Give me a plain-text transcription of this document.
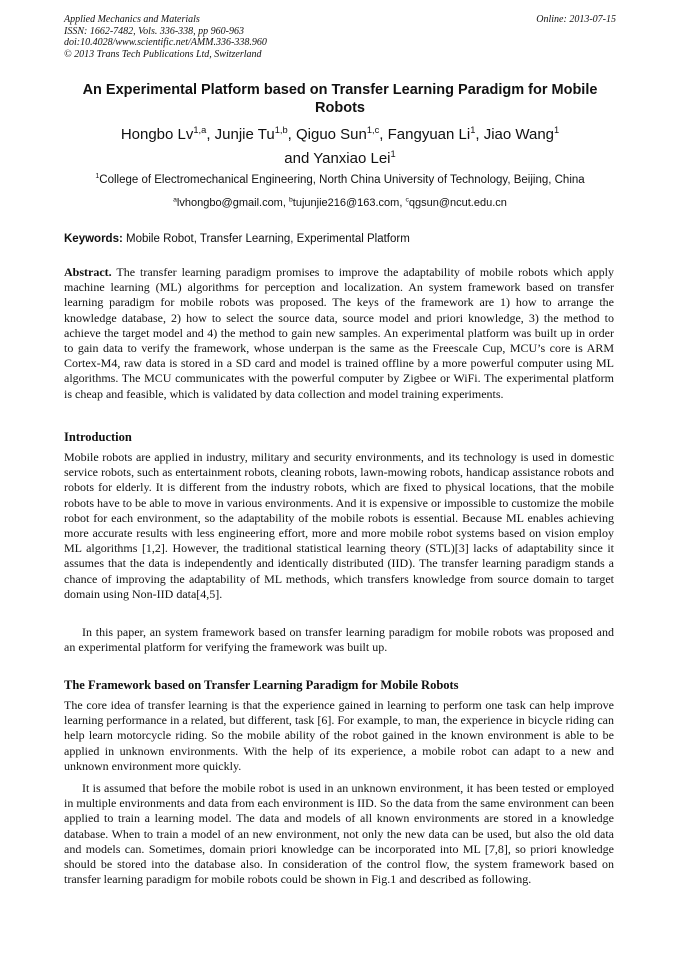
Applied Mechanics and Materials
ISSN: 1662-7482, Vols. 336-338, pp 960-963
doi:10.4028/www.scientific.net/AMM.336-338.960
© 2013 Trans Tech Publications Ltd, Switzerland
Online: 2013-07-15
An Experimental Platform based on Transfer Learning Paradigm for Mobile Robots
Hongbo Lv$^{1,a}$, Junjie Tu$^{1,b}$, Qiguo Sun$^{1,c}$, Fangyuan Li$^1$, Jiao Wang$^1$
and Yanxiao Lei$^1$
$^1$College of Electromechanical Engineering, North China University of Technology, Beijing, China
$^a$lvhongbo@gmail.com, $^b$tujunjie216@163.com, $^c$qgsun@ncut.edu.cn
Keywords: Mobile Robot, Transfer Learning, Experimental Platform
Abstract. The transfer learning paradigm promises to improve the adaptability of mobile robots which apply machine learning (ML) algorithms for perception and localization. An system framework based on transfer learning paradigm for mobile robots was proposed. The keys of the framework are 1) how to arrange the knowledge database, 2) how to select the source data, source model and priori knowledge, 3) the method to achieve the target model and 4) the method to gain new samples. An experimental platform was built up in order to gain data to verify the framework, whose underpan is the same as the Freescale Cup, MCU’s core is ARM Cortex-M4, raw data is stored in a SD card and model is trained offline by a more powerful computer using ML algorithms. The MCU communicates with the powerful computer by Zigbee or WiFi. The experimental platform is cheap and feasible, which is validated by data collection and model training experiments.
Introduction
Mobile robots are applied in industry, military and security environments, and its technology is used in domestic service robots, such as entertainment robots, cleaning robots, lawn-mowing robots, handicap assistance robots and robots for elderly. It is different from the industry robots, which are fixed to physical locations, that the mobile robots have to be able to move in various environments. And it is expensive or impossible to customize the mobile robot for each environment, so the adaptability of the mobile robots is essential. Because ML enables achieving more accurate results with less engineering effort, more and more mobile robot systems based on vision employ ML algorithms [1,2]. However, the traditional statistical learning theory (STL)[3] lacks of adaptability since it assumes that the data is independently and identically distributed (IID). The transfer learning paradigm stands a chance of improving the adaptability of ML methods, which transfers knowledge from source domain to target domain using Non-IID data[4,5].
In this paper, an system framework based on transfer learning paradigm for mobile robots was proposed and an experimental platform for verifying the framework was built up.
The Framework based on Transfer Learning Paradigm for Mobile Robots
The core idea of transfer learning is that the experience gained in learning to perform one task can help improve learning performance in a related, but different, task [6]. For example, to man, the experience in bicycle riding can help learn motorcycle riding. So the mobile ability of the robot gained in the known environment is able to be applied in unknown environments. With the help of its experience, a mobile robot can adapt to a new and unknown environment more quickly.
It is assumed that before the mobile robot is used in an unknown environment, it has been tested or employed in multiple environments and data from each environment is IID. So the data from the same environment can been applied to train a learning model. The data and models of all known environments are stored in a knowledge database. When to train a model of an new environment, not only the new data can be used, but also the old data and models can. Sometimes, domain priori knowledge can be incorporated into ML [7,8], so priori knowledge should be stored into the database also. In consideration of the control flow, the system framework based on transfer learning paradigm for mobile robots could be shown in Fig.1 and described as following.
